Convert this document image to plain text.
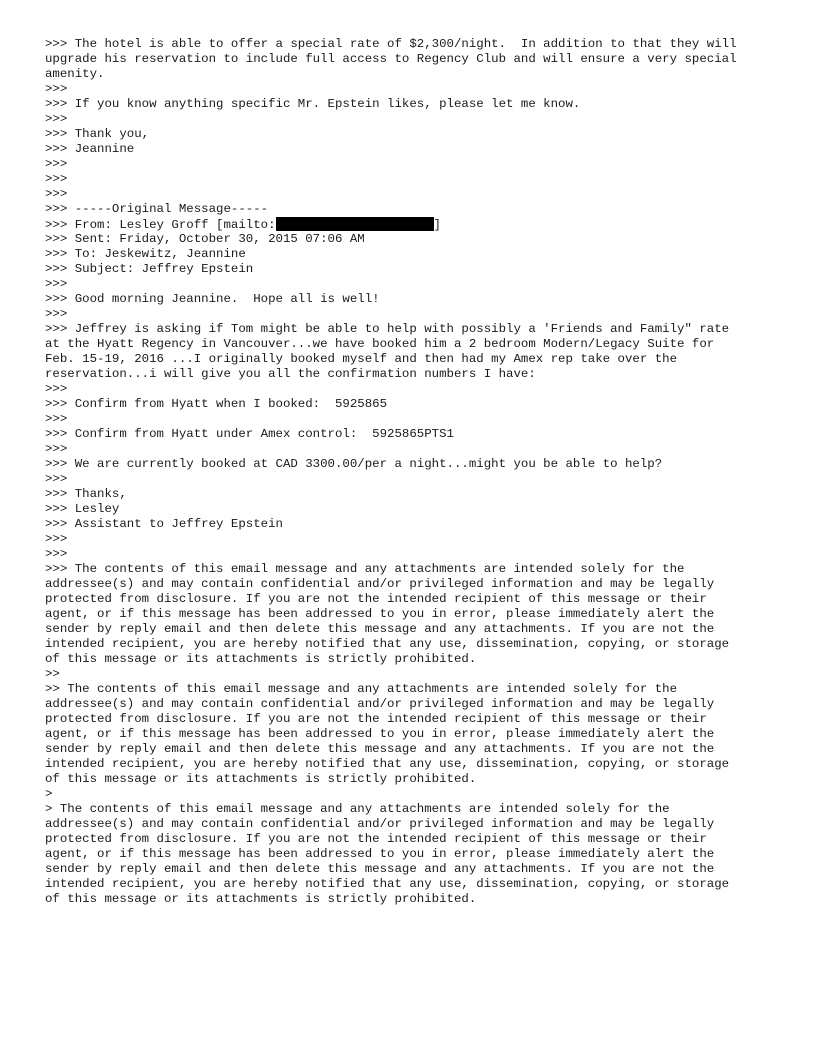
>>> The hotel is able to offer a special rate of $2,300/night.  In addition to that they will
upgrade his reservation to include full access to Regency Club and will ensure a very special
amenity.
>>>
>>> If you know anything specific Mr. Epstein likes, please let me know.
>>>
>>> Thank you,
>>> Jeannine
>>>
>>>
>>>
>>> -----Original Message-----
>>> From: Lesley Groff [mailto:	]
>>> Sent: Friday, October 30, 2015 07:06 AM
>>> To: Jeskewitz, Jeannine
>>> Subject: Jeffrey Epstein
>>>
>>> Good morning Jeannine.  Hope all is well!
>>>
>>> Jeffrey is asking if Tom might be able to help with possibly a 'Friends and Family" rate
at the Hyatt Regency in Vancouver...we have booked him a 2 bedroom Modern/Legacy Suite for
Feb. 15-19, 2016 ...I originally booked myself and then had my Amex rep take over the
reservation...i will give you all the confirmation numbers I have:
>>>
>>> Confirm from Hyatt when I booked:  5925865
>>>
>>> Confirm from Hyatt under Amex control:  5925865PTS1
>>>
>>> We are currently booked at CAD 3300.00/per a night...might you be able to help?
>>>
>>> Thanks,
>>> Lesley
>>> Assistant to Jeffrey Epstein
>>>
>>>
>>> The contents of this email message and any attachments are intended solely for the
addressee(s) and may contain confidential and/or privileged information and may be legally
protected from disclosure. If you are not the intended recipient of this message or their
agent, or if this message has been addressed to you in error, please immediately alert the
sender by reply email and then delete this message and any attachments. If you are not the
intended recipient, you are hereby notified that any use, dissemination, copying, or storage
of this message or its attachments is strictly prohibited.
>>
>> The contents of this email message and any attachments are intended solely for the
addressee(s) and may contain confidential and/or privileged information and may be legally
protected from disclosure. If you are not the intended recipient of this message or their
agent, or if this message has been addressed to you in error, please immediately alert the
sender by reply email and then delete this message and any attachments. If you are not the
intended recipient, you are hereby notified that any use, dissemination, copying, or storage
of this message or its attachments is strictly prohibited.
>
> The contents of this email message and any attachments are intended solely for the
addressee(s) and may contain confidential and/or privileged information and may be legally
protected from disclosure. If you are not the intended recipient of this message or their
agent, or if this message has been addressed to you in error, please immediately alert the
sender by reply email and then delete this message and any attachments. If you are not the
intended recipient, you are hereby notified that any use, dissemination, copying, or storage
of this message or its attachments is strictly prohibited.
